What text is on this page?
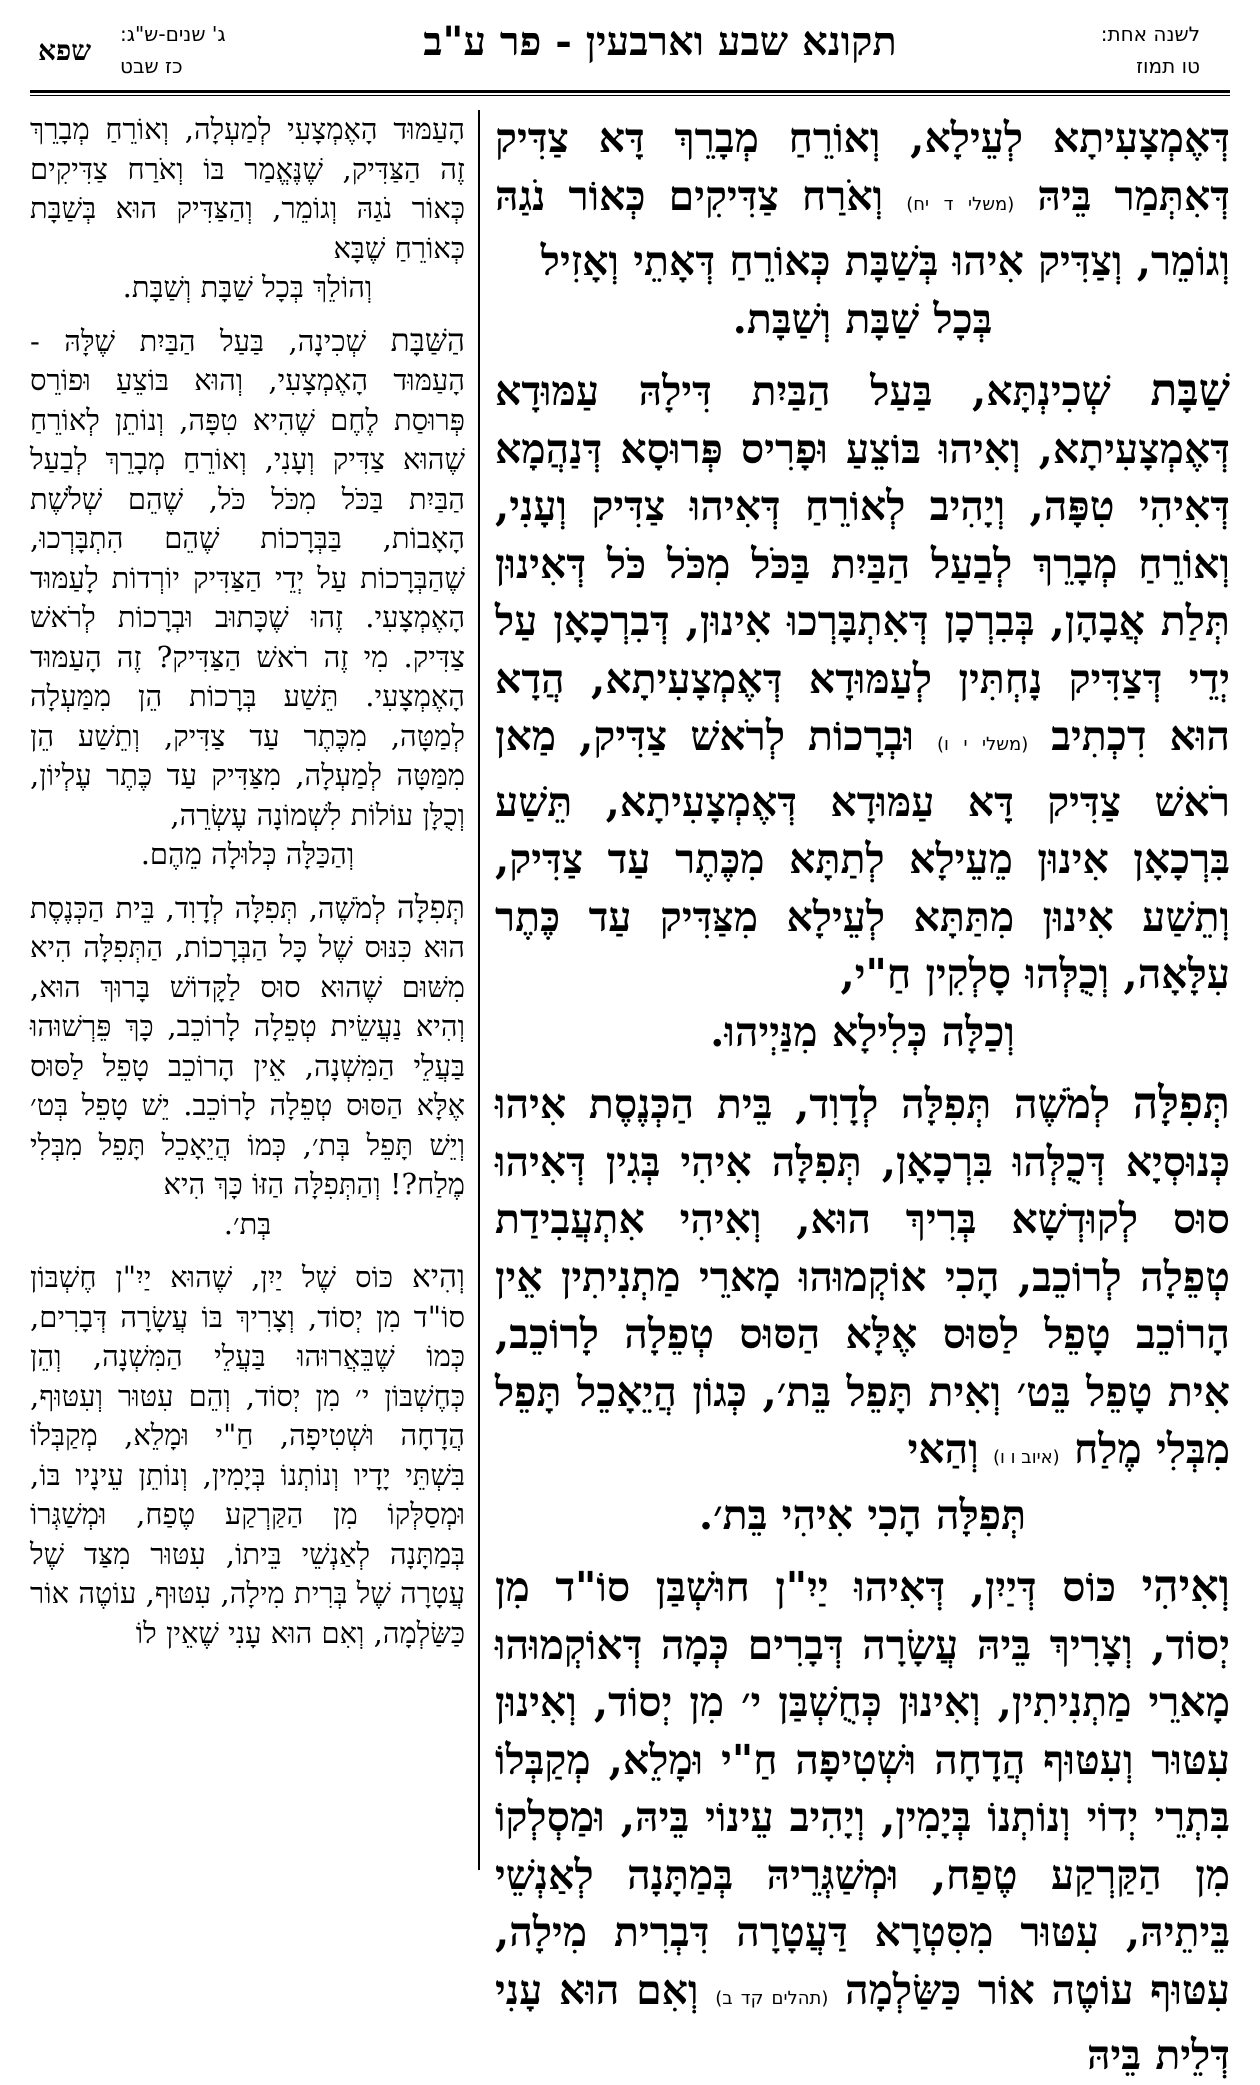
לשנה אחת:
טו תמוז
תקונא שבע וארבעין - פר ע"ב
ג' שנים-ש"ג:
כז שבט
שפא

דְּאֶמְצָעִיתָא לְעֵילָא, וְאוֹרֵחַ מְבָרֵךְ דָּא צַדִּיק דְּאִתְּמַר בֵּיהּ (משלי ד יח) וְאֹרַח צַדִּיקִים כְּאוֹר נֹגַהּ וְגוֹמֵר, וְצַדִּיק אִיהוּ בְּשַׁבָּת כְּאוֹרֵחַ דְּאָתֵי וְאָזִיל
בְּכָל שַׁבָּת וְשַׁבָּת.

שַׁבָּת שְׁכִינְתָּא, בַּעַל הַבַּיִת דִּילָהּ עַמּוּדָא דְּאֶמְצָעִיתָא, וְאִיהוּ בּוֹצֵעַ וּפָרִיס פְּרוּסָא דְּנַהֲמָא דְּאִיהִי טִפָּה, וְיָהִיב לְאוֹרֵחַ דְּאִיהוּ צַדִּיק וְעָנִי, וְאוֹרֵחַ מְבָרֵךְ לְבַעַל הַבַּיִת בַּכֹּל מִכֹּל כֹּל דְּאִינוּן תְּלַת אֲבָהָן, בְּבִרְכָן דְּאִתְבָּרְכוּ אִינוּן, דְּבִרְכָאָן עַל יְדֵי דְּצַדִּיק נָחְתִּין לְעַמּוּדָא דְּאֶמְצָעִיתָא, הֲדָא הוּא דִכְתִיב (משלי י ו) וּבְרָכוֹת לְרֹאשׁ צַדִּיק, מַאן רֹאשׁ צַדִּיק דָּא עַמּוּדָא דְּאֶמְצָעִיתָא, תֵּשַׁע בִּרְכָאָן אִינוּן מֵעֵילָא לְתַתָּא מִכֶּתֶר עַד צַדִּיק, וְתֵשַׁע אִינוּן מִתַּתָּא לְעֵילָא מִצַּדִּיק עַד כֶּתֶר עִלָּאָה, וְכֻלְּהוּ סָלְקִין חַ"י,
וְכַלָּה כְּלִילָא מִנַּיְיהוּ.

תְּפִלָּה לְמֹשֶׁה תְּפִלָּה לְדָוִד, בֵּית הַכְּנֶסֶת אִיהוּ כְּנוּסְיָא דְּכֻלְּהוּ בִּרְכָאָן, תְּפִלָּה אִיהִי בְּגִין דְּאִיהוּ סוּס לְקוּדְשָׁא בְּרִיךְ הוּא, וְאִיהִי אִתְעֲבִידַת טְפֵלָה לְרוֹכֵב, הָכִי אוֹקְמוּהוּ מָארֵי מַתְנִיתִין אֵין הָרוֹכֵב טָפֵל לַסּוּס אֶלָּא הַסּוּס טְפֵלָה לָרוֹכֵב, אִית טָפֵל בֵּט׳ וְאִית תָּפֵל בֵּת׳, כְּגוֹן הֲיֵאָכֵל תָּפֵל מִבְּלִי מֶלַח (איוב ו ו) וְהַאי
תְּפִלָּה הָכִי אִיהִי בֵּת׳.

וְאִיהִי כּוֹס דְּיַיִן, דְּאִיהוּ יַיִ"ן חוּשְׁבַּן סוֹ"ד מִן יְסוֹד, וְצָרִיךְ בֵּיהּ עֲשָׂרָה דְּבָרִים כְּמָה דְּאוֹקְמוּהוּ מָארֵי מַתְנִיתִין, וְאִינוּן כְּחֻשְׁבַּן י׳ מִן יְסוֹד, וְאִינוּן עִטּוּר וְעִטּוּף הֲדָחָה וּשְׁטִיפָה חַ"י וּמָלֵא, מְקַבְּלוֹ בִּתְרֵי יְדוֹי וְנוֹתְנוֹ בְּיָמִין, וְיָהִיב עֵינוֹי בֵּיהּ, וּמַסְלְקוֹ מִן הַקַּרְקַע טֶפַח, וּמְשַׁגְּרֵיהּ בְּמַתָּנָה לְאַנְשֵׁי בֵּיתֵיהּ, עִטּוּר מִסִּטְרָא דַּעֲטָרָה דִּבְרִית מִילָה, עִטּוּף עוֹטֶה אוֹר כַּשַּׂלְמָה (תהלים קד ב) וְאִם הוּא עָנִי דְּלֵית בֵּיהּ

הָעַמּוּד הָאֶמְצָעִי לְמַעְלָה, וְאוֹרֵחַ מְבָרֵךְ זֶה הַצַּדִּיק, שֶׁנֶּאֱמַר בּוֹ וְאֹרַח צַדִּיקִים כְּאוֹר נֹגַהּ וְגוֹמֵר, וְהַצַּדִּיק הוּא בְּשַׁבָּת כְּאוֹרֵחַ שֶׁבָּא
וְהוֹלֵךְ בְּכָל שַׁבָּת וְשַׁבָּת.

הַשַּׁבָּת שְׁכִינָה, בַּעַל הַבַּיִת שֶׁלָּהּ - הָעַמּוּד הָאֶמְצָעִי, וְהוּא בּוֹצֵעַ וּפוֹרֵס פְּרוּסַת לֶחֶם שֶׁהִיא טִפָּה, וְנוֹתֵן לְאוֹרֵחַ שֶׁהוּא צַדִּיק וְעָנִי, וְאוֹרֵחַ מְבָרֵךְ לְבַעַל הַבַּיִת בַּכֹּל מִכֹּל כֹּל, שֶׁהֵם שְׁלֹשֶׁת הָאָבוֹת, בַּבְּרָכוֹת שֶׁהֵם הִתְבָּרְכוּ, שֶׁהַבְּרָכוֹת עַל יְדֵי הַצַּדִּיק יוֹרְדוֹת לָעַמּוּד הָאֶמְצָעִי. זֶהוּ שֶׁכָּתוּב וּבְרָכוֹת לְרֹאשׁ צַדִּיק. מִי זֶה רֹאשׁ הַצַּדִּיק? זֶה הָעַמּוּד הָאֶמְצָעִי. תֵּשַׁע בְּרָכוֹת הֵן מִמַּעְלָה לְמַטָּה, מִכֶּתֶר עַד צַדִּיק, וְתֵשַׁע הֵן מִמַּטָּה לְמַעְלָה, מִצַּדִּיק עַד כֶּתֶר עֶלְיוֹן, וְכֻלָּן עוֹלוֹת לִשְׁמוֹנָה עֶשְׂרֵה,
וְהַכַּלָּה כְּלוּלָה מֵהֶם.

תְּפִלָּה לְמֹשֶׁה, תְּפִלָּה לְדָוִד, בֵּית הַכְּנֶסֶת הוּא כִּנּוּס שֶׁל כָּל הַבְּרָכוֹת, הַתְּפִלָּה הִיא מִשּׁוּם שֶׁהוּא סוּס לַקָּדוֹשׁ בָּרוּךְ הוּא, וְהִיא נַעֲשֵׂית טְפֵלָה לָרוֹכֵב, כָּךְ פֵּרְשׁוּהוּ בַּעֲלֵי הַמִּשְׁנָה, אֵין הָרוֹכֵב טָפֵל לַסּוּס אֶלָּא הַסּוּס טְפֵלָה לָרוֹכֵב. יֵשׁ טָפֵל בְּט׳ וְיֵשׁ תָּפֵל בְּת׳, כְּמוֹ הֲיֵאָכֵל תָּפֵל מִבְּלִי מֶלַח?! וְהַתְּפִלָּה הַזּוֹ כָּךְ הִיא
בְּת׳.

וְהִיא כּוֹס שֶׁל יַיִן, שֶׁהוּא יַיִ"ן חֶשְׁבּוֹן סוֹ"ד מִן יְסוֹד, וְצָרִיךְ בּוֹ עֲשָׂרָה דְּבָרִים, כְּמוֹ שֶׁבֵּאֲרוּהוּ בַּעֲלֵי הַמִּשְׁנָה, וְהֵן כְּחֶשְׁבּוֹן י׳ מִן יְסוֹד, וְהֵם עִטּוּר וְעִטּוּף, הֲדָחָה וּשְׁטִיפָה, חַ"י וּמָלֵא, מְקַבְּלוֹ בִּשְׁתֵּי יָדָיו וְנוֹתְנוֹ בְּיָמִין, וְנוֹתֵן עֵינָיו בּוֹ, וּמְסַלְּקוֹ מִן הַקַּרְקַע טֶפַח, וּמְשַׁגְּרוֹ בְּמַתָּנָה לְאַנְשֵׁי בֵּיתוֹ, עִטּוּר מִצַּד שֶׁל עֲטָרָה שֶׁל בְּרִית מִילָה, עִטּוּף, עוֹטֶה אוֹר כַּשַּׂלְמָה, וְאִם הוּא עָנִי שֶׁאֵין לוֹ
